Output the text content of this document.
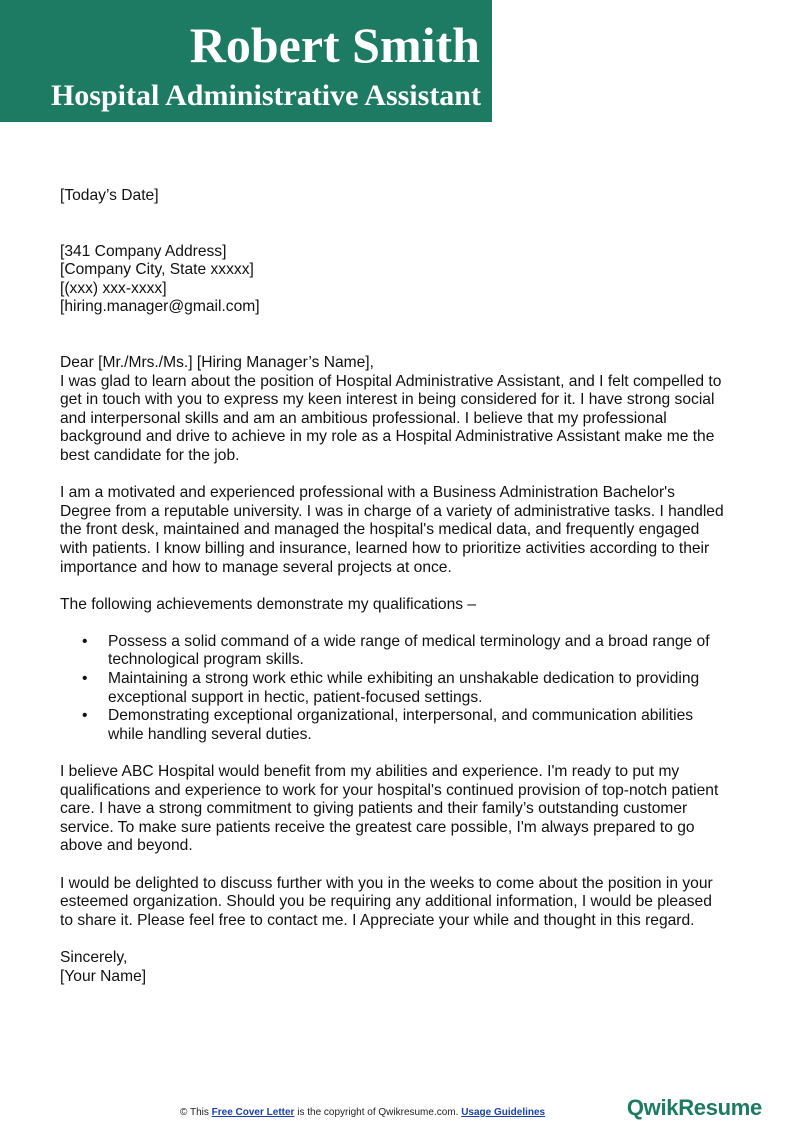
Robert Smith
Hospital Administrative Assistant
[Today’s Date]
[341 Company Address]
[Company City, State xxxxx]
[(xxx) xxx-xxxx]
[hiring.manager@gmail.com]
Dear [Mr./Mrs./Ms.] [Hiring Manager’s Name],

I was glad to learn about the position of Hospital Administrative Assistant, and I felt compelled to
get in touch with you to express my keen interest in being considered for it. I have strong social
and interpersonal skills and am an ambitious professional. I believe that my professional
background and drive to achieve in my role as a Hospital Administrative Assistant make me the
best candidate for the job.

I am a motivated and experienced professional with a Business Administration Bachelor's
Degree from a reputable university. I was in charge of a variety of administrative tasks. I handled
the front desk, maintained and managed the hospital's medical data, and frequently engaged
with patients. I know billing and insurance, learned how to prioritize activities according to their
importance and how to manage several projects at once.

The following achievements demonstrate my qualifications –
• Possess a solid command of a wide range of medical terminology and a broad range of
technological program skills.
• Maintaining a strong work ethic while exhibiting an unshakable dedication to providing
exceptional support in hectic, patient-focused settings.
• Demonstrating exceptional organizational, interpersonal, and communication abilities
while handling several duties.

I believe ABC Hospital would benefit from my abilities and experience. I'm ready to put my
qualifications and experience to work for your hospital's continued provision of top-notch patient
care. I have a strong commitment to giving patients and their family’s outstanding customer
service. To make sure patients receive the greatest care possible, I'm always prepared to go
above and beyond.

I would be delighted to discuss further with you in the weeks to come about the position in your
esteemed organization. Should you be requiring any additional information, I would be pleased
to share it. Please feel free to contact me. I Appreciate your while and thought in this regard.

Sincerely,
[Your Name]
© This Free Cover Letter is the copyright of Qwikresume.com. Usage Guidelines	QwikResume
